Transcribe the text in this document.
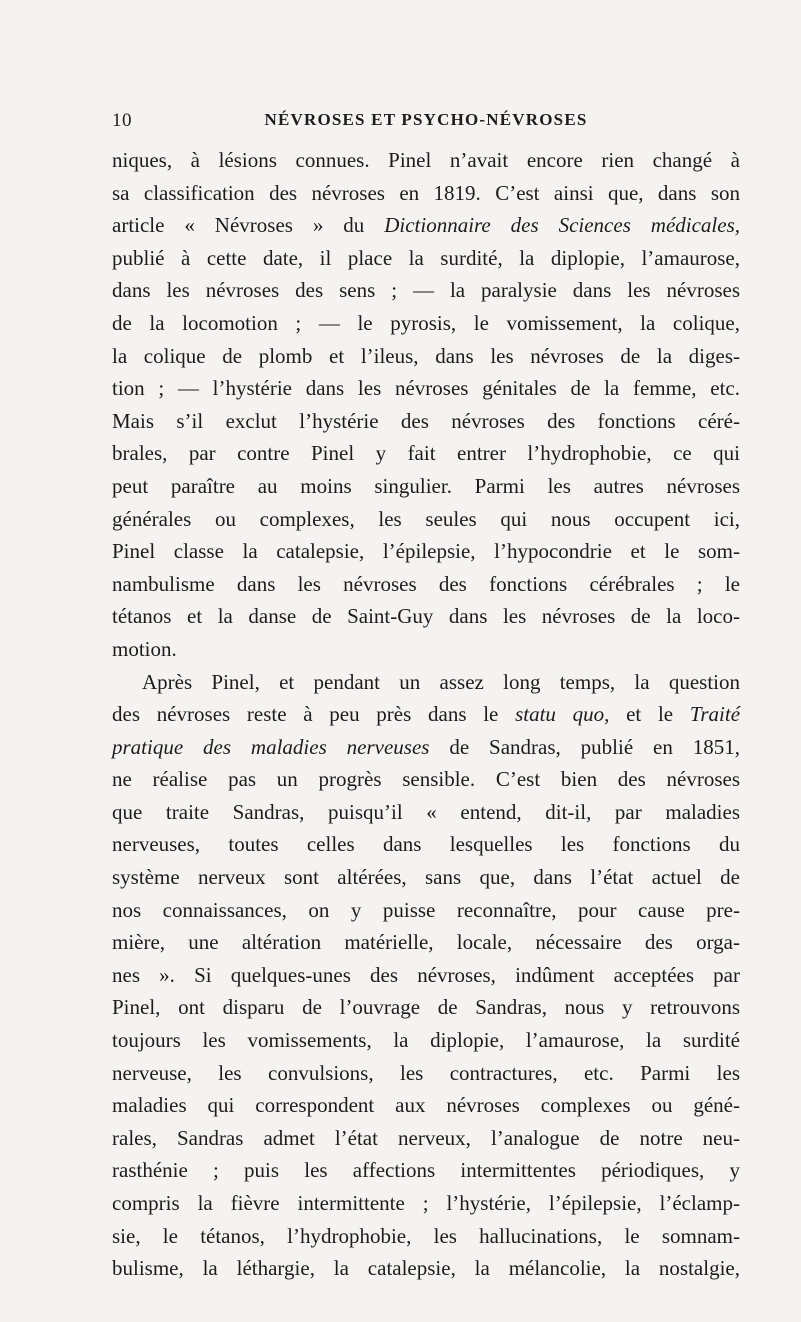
10	NÉVROSES ET PSYCHO-NÉVROSES
niques, à lésions connues. Pinel n’avait encore rien changé à
sa classification des névroses en 1819. C’est ainsi que, dans son
article « Névroses » du Dictionnaire des Sciences médicales,
publié à cette date, il place la surdité, la diplopie, l’amaurose,
dans les névroses des sens ; — la paralysie dans les névroses
de la locomotion ; — le pyrosis, le vomissement, la colique,
la colique de plomb et l’ileus, dans les névroses de la diges-
tion ; — l’hystérie dans les névroses génitales de la femme, etc.
Mais s’il exclut l’hystérie des névroses des fonctions céré-
brales, par contre Pinel y fait entrer l’hydrophobie, ce qui
peut paraître au moins singulier. Parmi les autres névroses
générales ou complexes, les seules qui nous occupent ici,
Pinel classe la catalepsie, l’épilepsie, l’hypocondrie et le som-
nambulisme dans les névroses des fonctions cérébrales ; le
tétanos et la danse de Saint-Guy dans les névroses de la loco-
motion.
Après Pinel, et pendant un assez long temps, la question
des névroses reste à peu près dans le statu quo, et le Traité
pratique des maladies nerveuses de Sandras, publié en 1851,
ne réalise pas un progrès sensible. C’est bien des névroses
que traite Sandras, puisqu’il « entend, dit-il, par maladies
nerveuses, toutes celles dans lesquelles les fonctions du
système nerveux sont altérées, sans que, dans l’état actuel de
nos connaissances, on y puisse reconnaître, pour cause pre-
mière, une altération matérielle, locale, nécessaire des orga-
nes ». Si quelques-unes des névroses, indûment acceptées par
Pinel, ont disparu de l’ouvrage de Sandras, nous y retrouvons
toujours les vomissements, la diplopie, l’amaurose, la surdité
nerveuse, les convulsions, les contractures, etc. Parmi les
maladies qui correspondent aux névroses complexes ou géné-
rales, Sandras admet l’état nerveux, l’analogue de notre neu-
rasthénie ; puis les affections intermittentes périodiques, y
compris la fièvre intermittente ; l’hystérie, l’épilepsie, l’éclamp-
sie, le tétanos, l’hydrophobie, les hallucinations, le somnam-
bulisme, la léthargie, la catalepsie, la mélancolie, la nostalgie,
